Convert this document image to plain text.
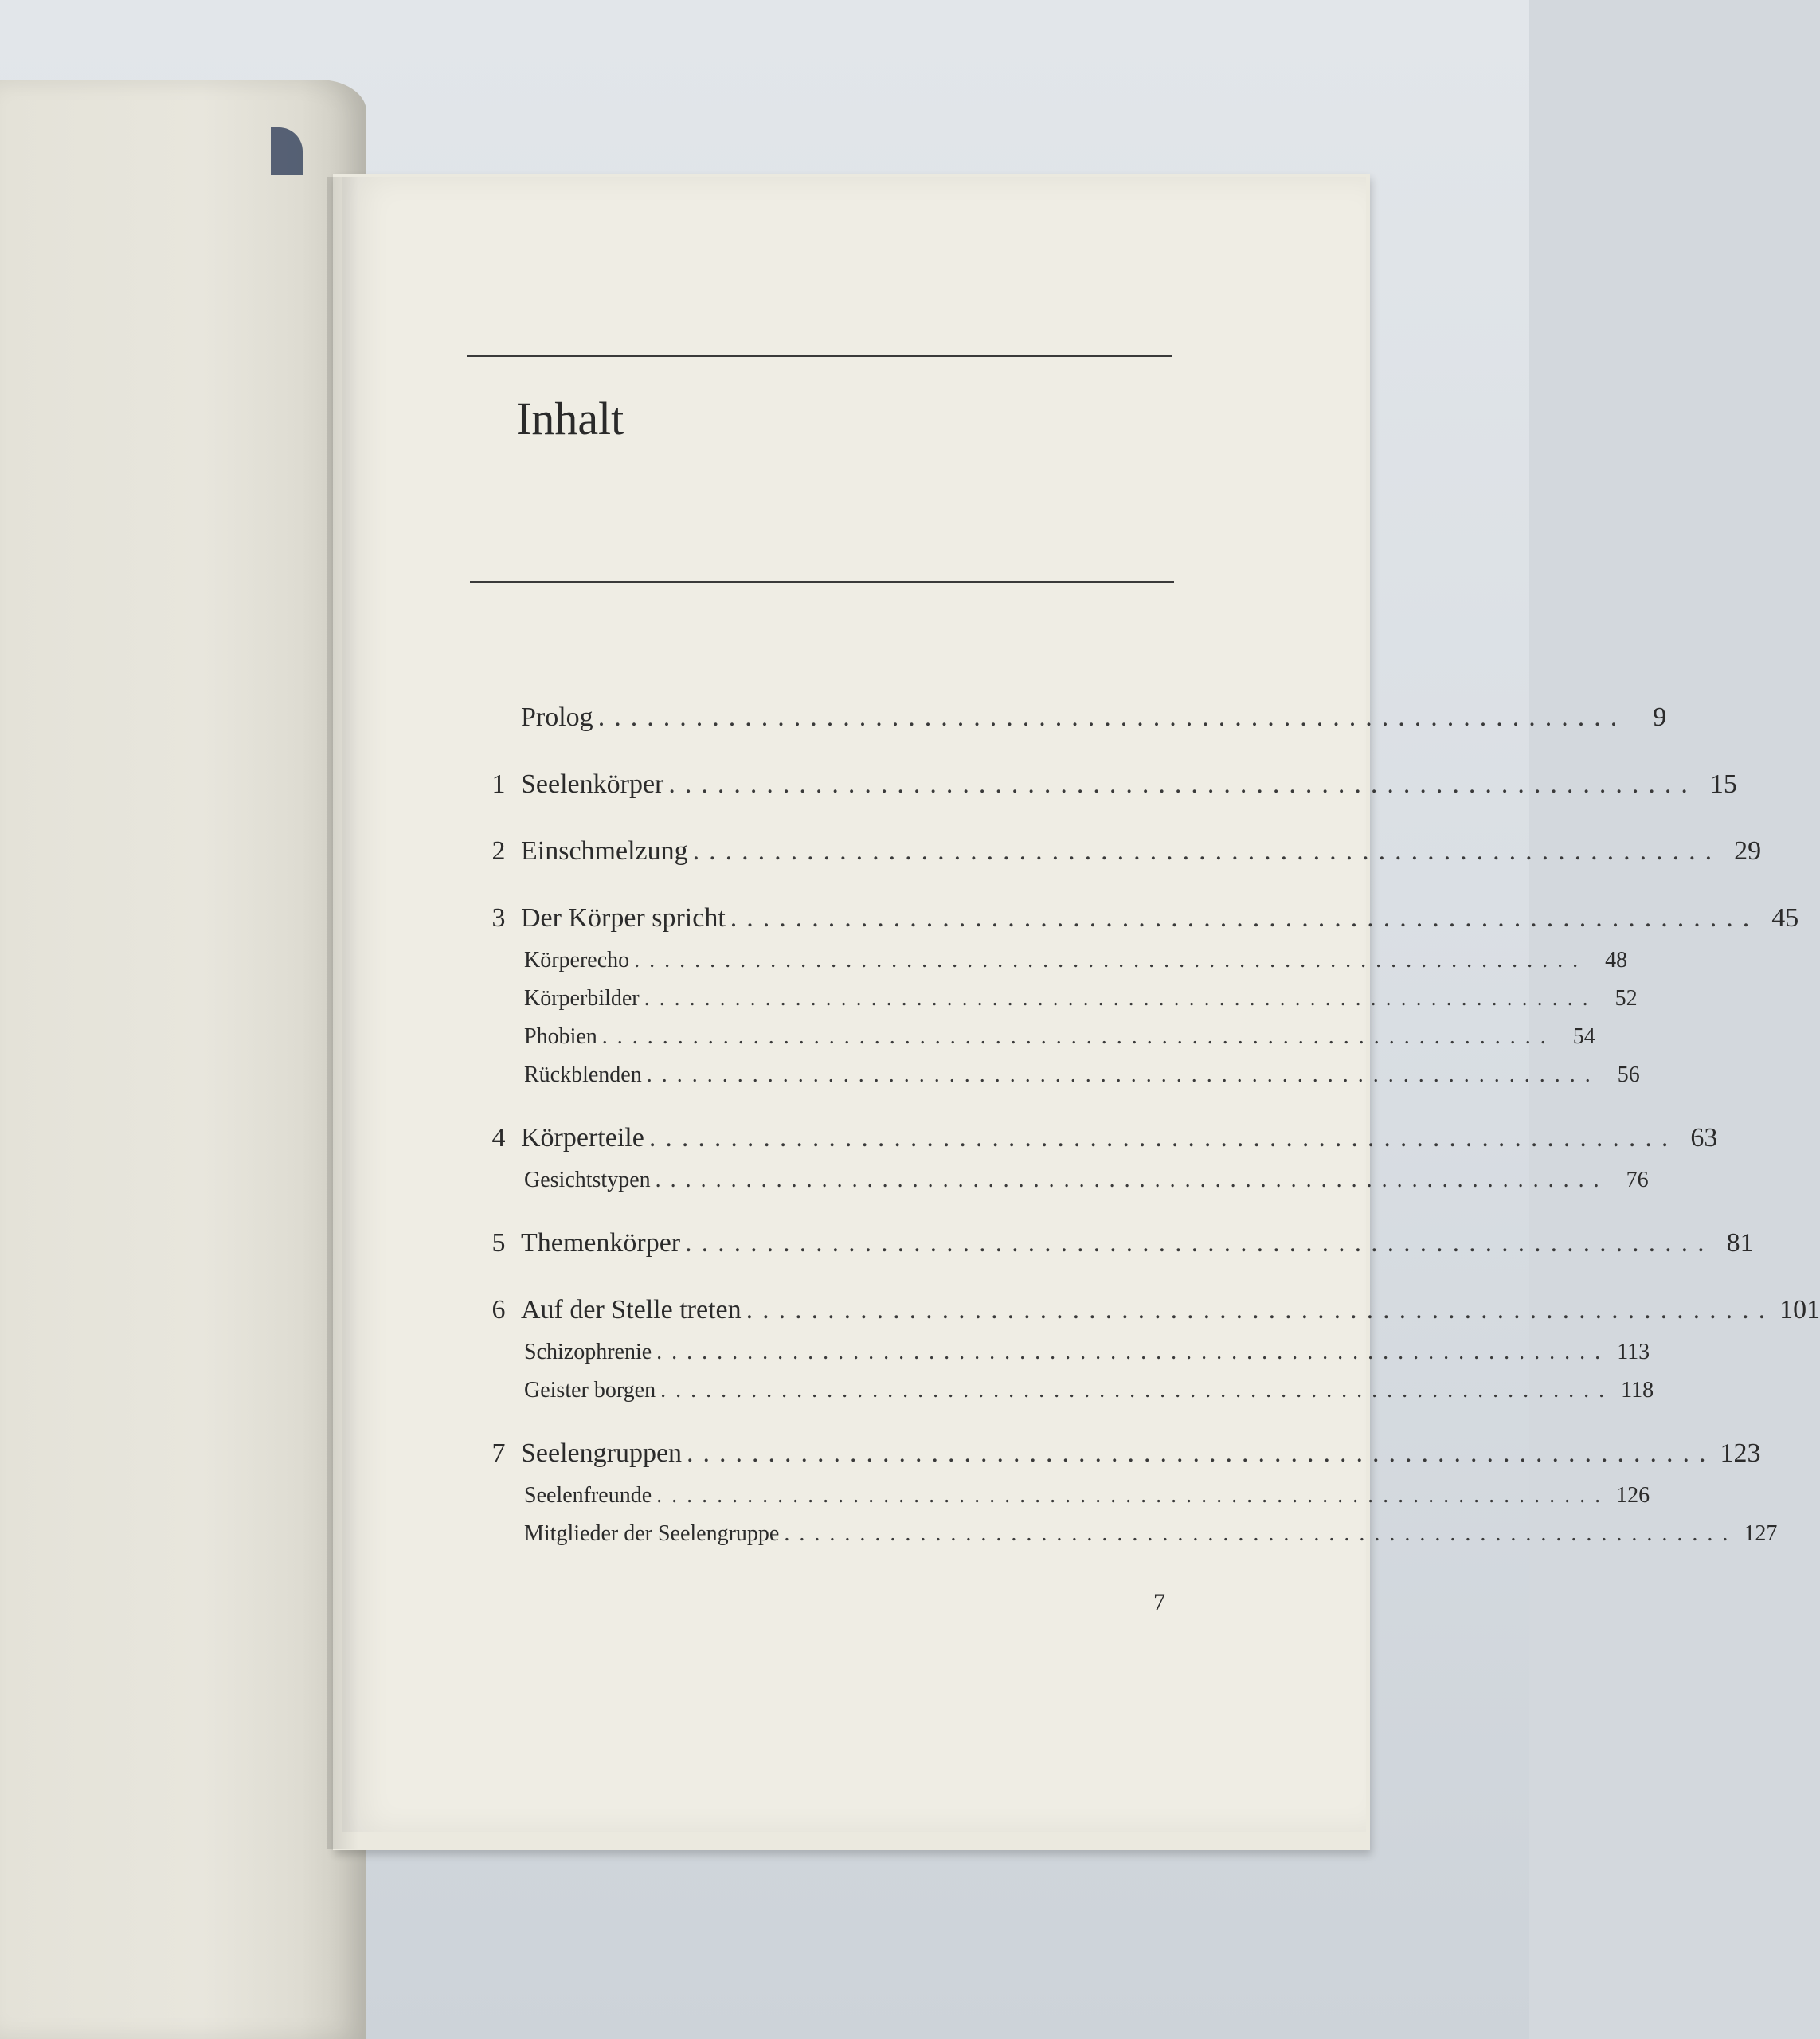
Inhalt
Prolog ............................................................... 9
1 Seelenkörper ............................................................... 15
2 Einschmelzung ............................................................... 29
3 Der Körper spricht ............................................................... 45
Körperecho ............................................................... 48
Körperbilder ............................................................... 52
Phobien ............................................................... 54
Rückblenden ............................................................... 56
4 Körperteile ............................................................... 63
Gesichtstypen ............................................................... 76
5 Themenkörper ............................................................... 81
6 Auf der Stelle treten ............................................................... 101
Schizophrenie ............................................................... 113
Geister borgen ............................................................... 118
7 Seelengruppen ............................................................... 123
Seelenfreunde ............................................................... 126
Mitglieder der Seelengruppe ............................................................... 127
7
